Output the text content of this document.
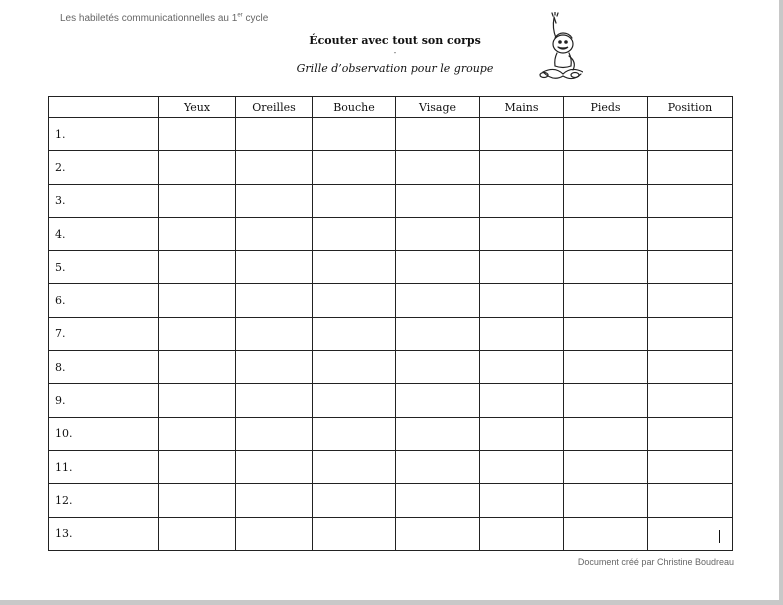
Les habiletés communicationnelles au 1er cycle
Écouter avec tout son corps
-
Grille d’observation pour le groupe
	Yeux	Oreilles	Bouche	Visage	Mains	Pieds	Position
1.							
2.							
3.							
4.							
5.							
6.							
7.							
8.							
9.							
10.							
11.							
12.							
13.							
Document créé par Christine Boudreau
